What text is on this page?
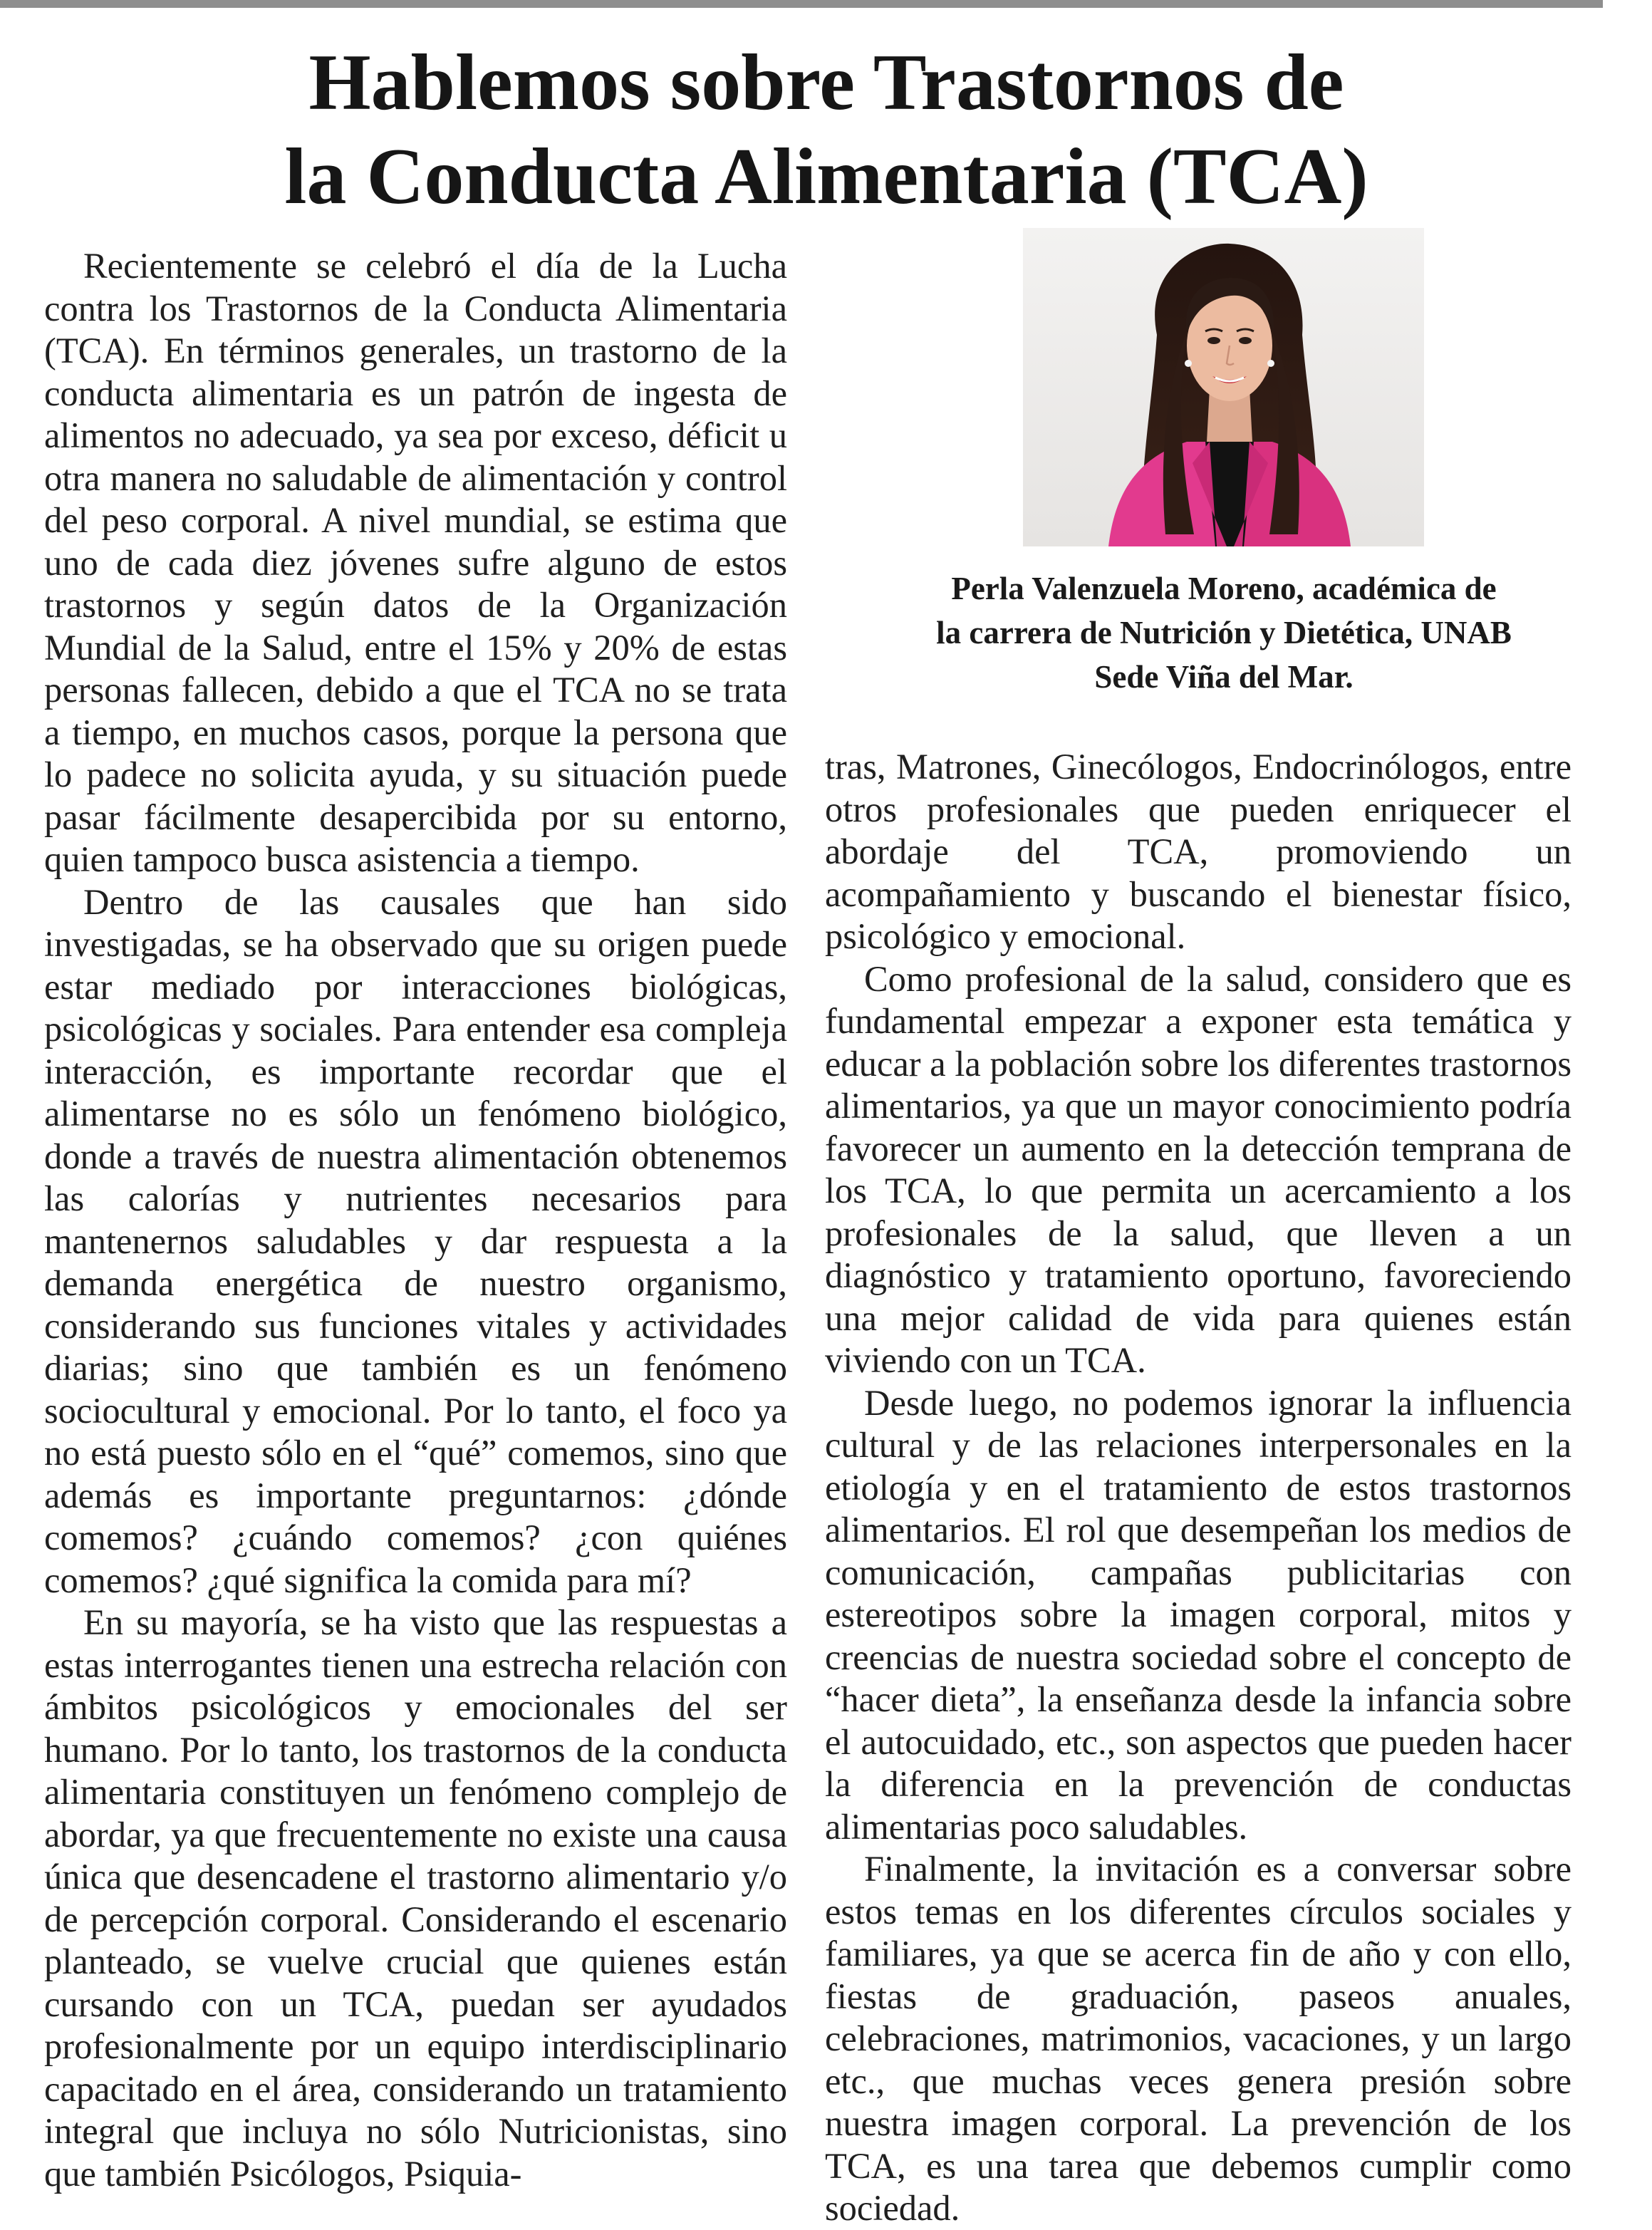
Hablemos sobre Trastornos de
la Conducta Alimentaria (TCA)

Recientemente se celebró el día de la Lucha contra los Trastornos de la Conducta Alimentaria (TCA). En términos generales, un trastorno de la conducta alimentaria es un patrón de ingesta de alimentos no adecuado, ya sea por exceso, déficit u otra manera no saludable de alimentación y control del peso corporal. A nivel mundial, se estima que uno de cada diez jóvenes sufre alguno de estos trastornos y según datos de la Organización Mundial de la Salud, entre el 15% y 20% de estas personas fallecen, debido a que el TCA no se trata a tiempo, en muchos casos, porque la persona que lo padece no solicita ayuda, y su situación puede pasar fácilmente desapercibida por su entorno, quien tampoco busca asistencia a tiempo.

Dentro de las causales que han sido investigadas, se ha observado que su origen puede estar mediado por interacciones biológicas, psicológicas y sociales. Para entender esa compleja interacción, es importante recordar que el alimentarse no es sólo un fenómeno biológico, donde a través de nuestra alimentación obtenemos las calorías y nutrientes necesarios para mantenernos saludables y dar respuesta a la demanda energética de nuestro organismo, considerando sus funciones vitales y actividades diarias; sino que también es un fenómeno sociocultural y emocional. Por lo tanto, el foco ya no está puesto sólo en el “qué” comemos, sino que además es importante preguntarnos: ¿dónde comemos? ¿cuándo comemos? ¿con quiénes comemos? ¿qué significa la comida para mí?

En su mayoría, se ha visto que las respuestas a estas interrogantes tienen una estrecha relación con ámbitos psicológicos y emocionales del ser humano. Por lo tanto, los trastornos de la conducta alimentaria constituyen un fenómeno complejo de abordar, ya que frecuentemente no existe una causa única que desencadene el trastorno alimentario y/o de percepción corporal. Considerando el escenario planteado, se vuelve crucial que quienes están cursando con un TCA, puedan ser ayudados profesionalmente por un equipo interdisciplinario capacitado en el área, considerando un tratamiento integral que incluya no sólo Nutricionistas, sino que también Psicólogos, Psiquia-

Perla Valenzuela Moreno, académica de
la carrera de Nutrición y Dietética, UNAB
Sede Viña del Mar.

tras, Matrones, Ginecólogos, Endocrinólogos, entre otros profesionales que pueden enriquecer el abordaje del TCA, promoviendo un acompañamiento y buscando el bienestar físico, psicológico y emocional.

Como profesional de la salud, considero que es fundamental empezar a exponer esta temática y educar a la población sobre los diferentes trastornos alimentarios, ya que un mayor conocimiento podría favorecer un aumento en la detección temprana de los TCA, lo que permita un acercamiento a los profesionales de la salud, que lleven a un diagnóstico y tratamiento oportuno, favoreciendo una mejor calidad de vida para quienes están viviendo con un TCA.

Desde luego, no podemos ignorar la influencia cultural y de las relaciones interpersonales en la etiología y en el tratamiento de estos trastornos alimentarios. El rol que desempeñan los medios de comunicación, campañas publicitarias con estereotipos sobre la imagen corporal, mitos y creencias de nuestra sociedad sobre el concepto de “hacer dieta”, la enseñanza desde la infancia sobre el autocuidado, etc., son aspectos que pueden hacer la diferencia en la prevención de conductas alimentarias poco saludables.

Finalmente, la invitación es a conversar sobre estos temas en los diferentes círculos sociales y familiares, ya que se acerca fin de año y con ello, fiestas de graduación, paseos anuales, celebraciones, matrimonios, vacaciones, y un largo etc., que muchas veces genera presión sobre nuestra imagen corporal. La prevención de los TCA, es una tarea que debemos cumplir como sociedad.
